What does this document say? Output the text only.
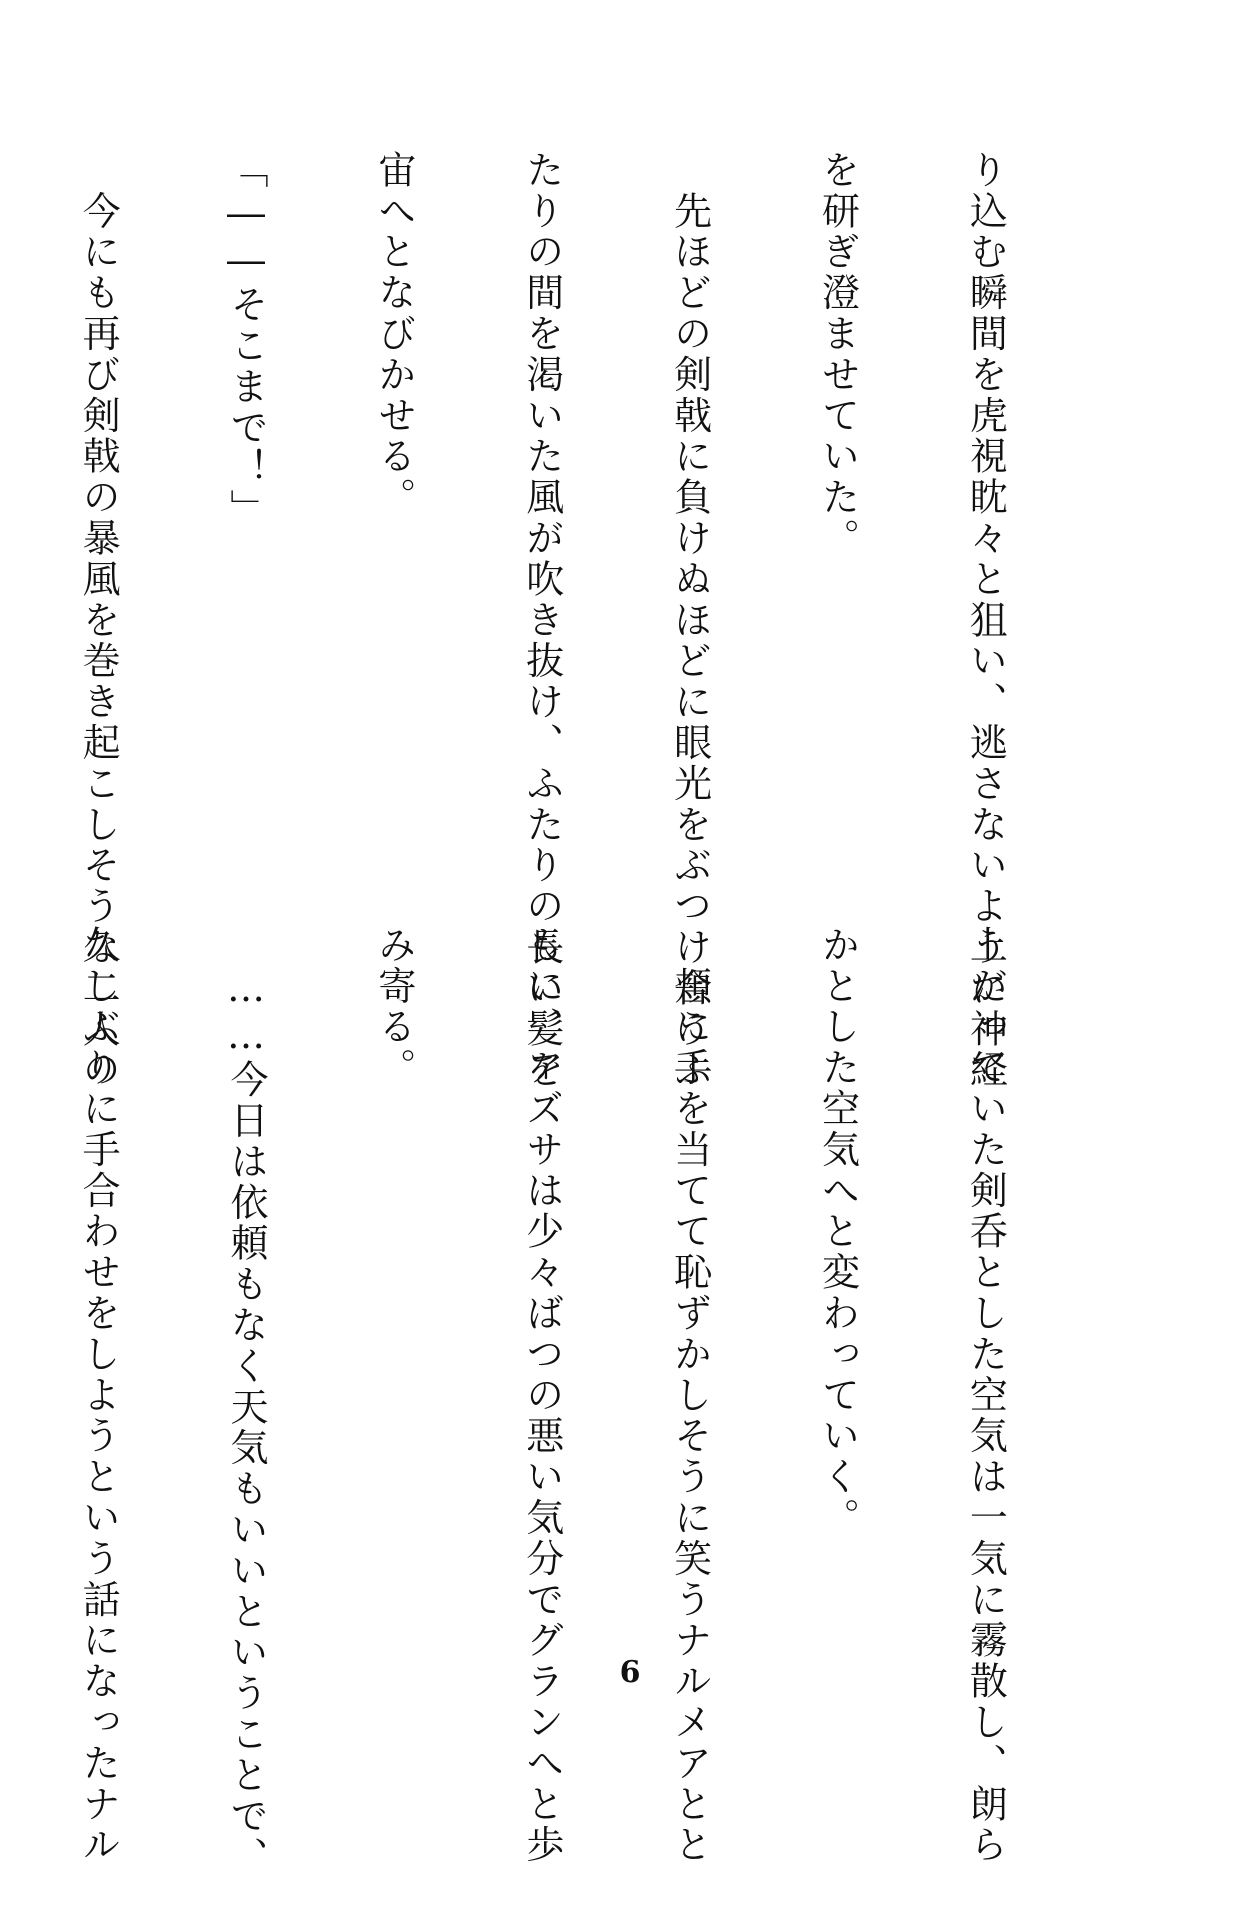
り込む瞬間を虎視眈々と狙い、逃さないように神経

を研ぎ澄ませていた。

　先ほどの剣戟に負けぬほどに眼光をぶつけ合うふ

たりの間を渇いた風が吹き抜け、ふたりの長い髪を

宙へとなびかせる。

「――そこまで！」

　今にも再び剣戟の暴風を巻き起こしそうな二人の

上がっていた剣呑とした空気は一気に霧散し、朗ら

かとした空気へと変わっていく。

　頬に手を当てて恥ずかしそうに笑うナルメアとと

もに、アズサは少々ばつの悪い気分でグランへと歩

み寄る。

　……今日は依頼もなく天気もいいということで、

久しぶりに手合わせをしようという話になったナル

	6
